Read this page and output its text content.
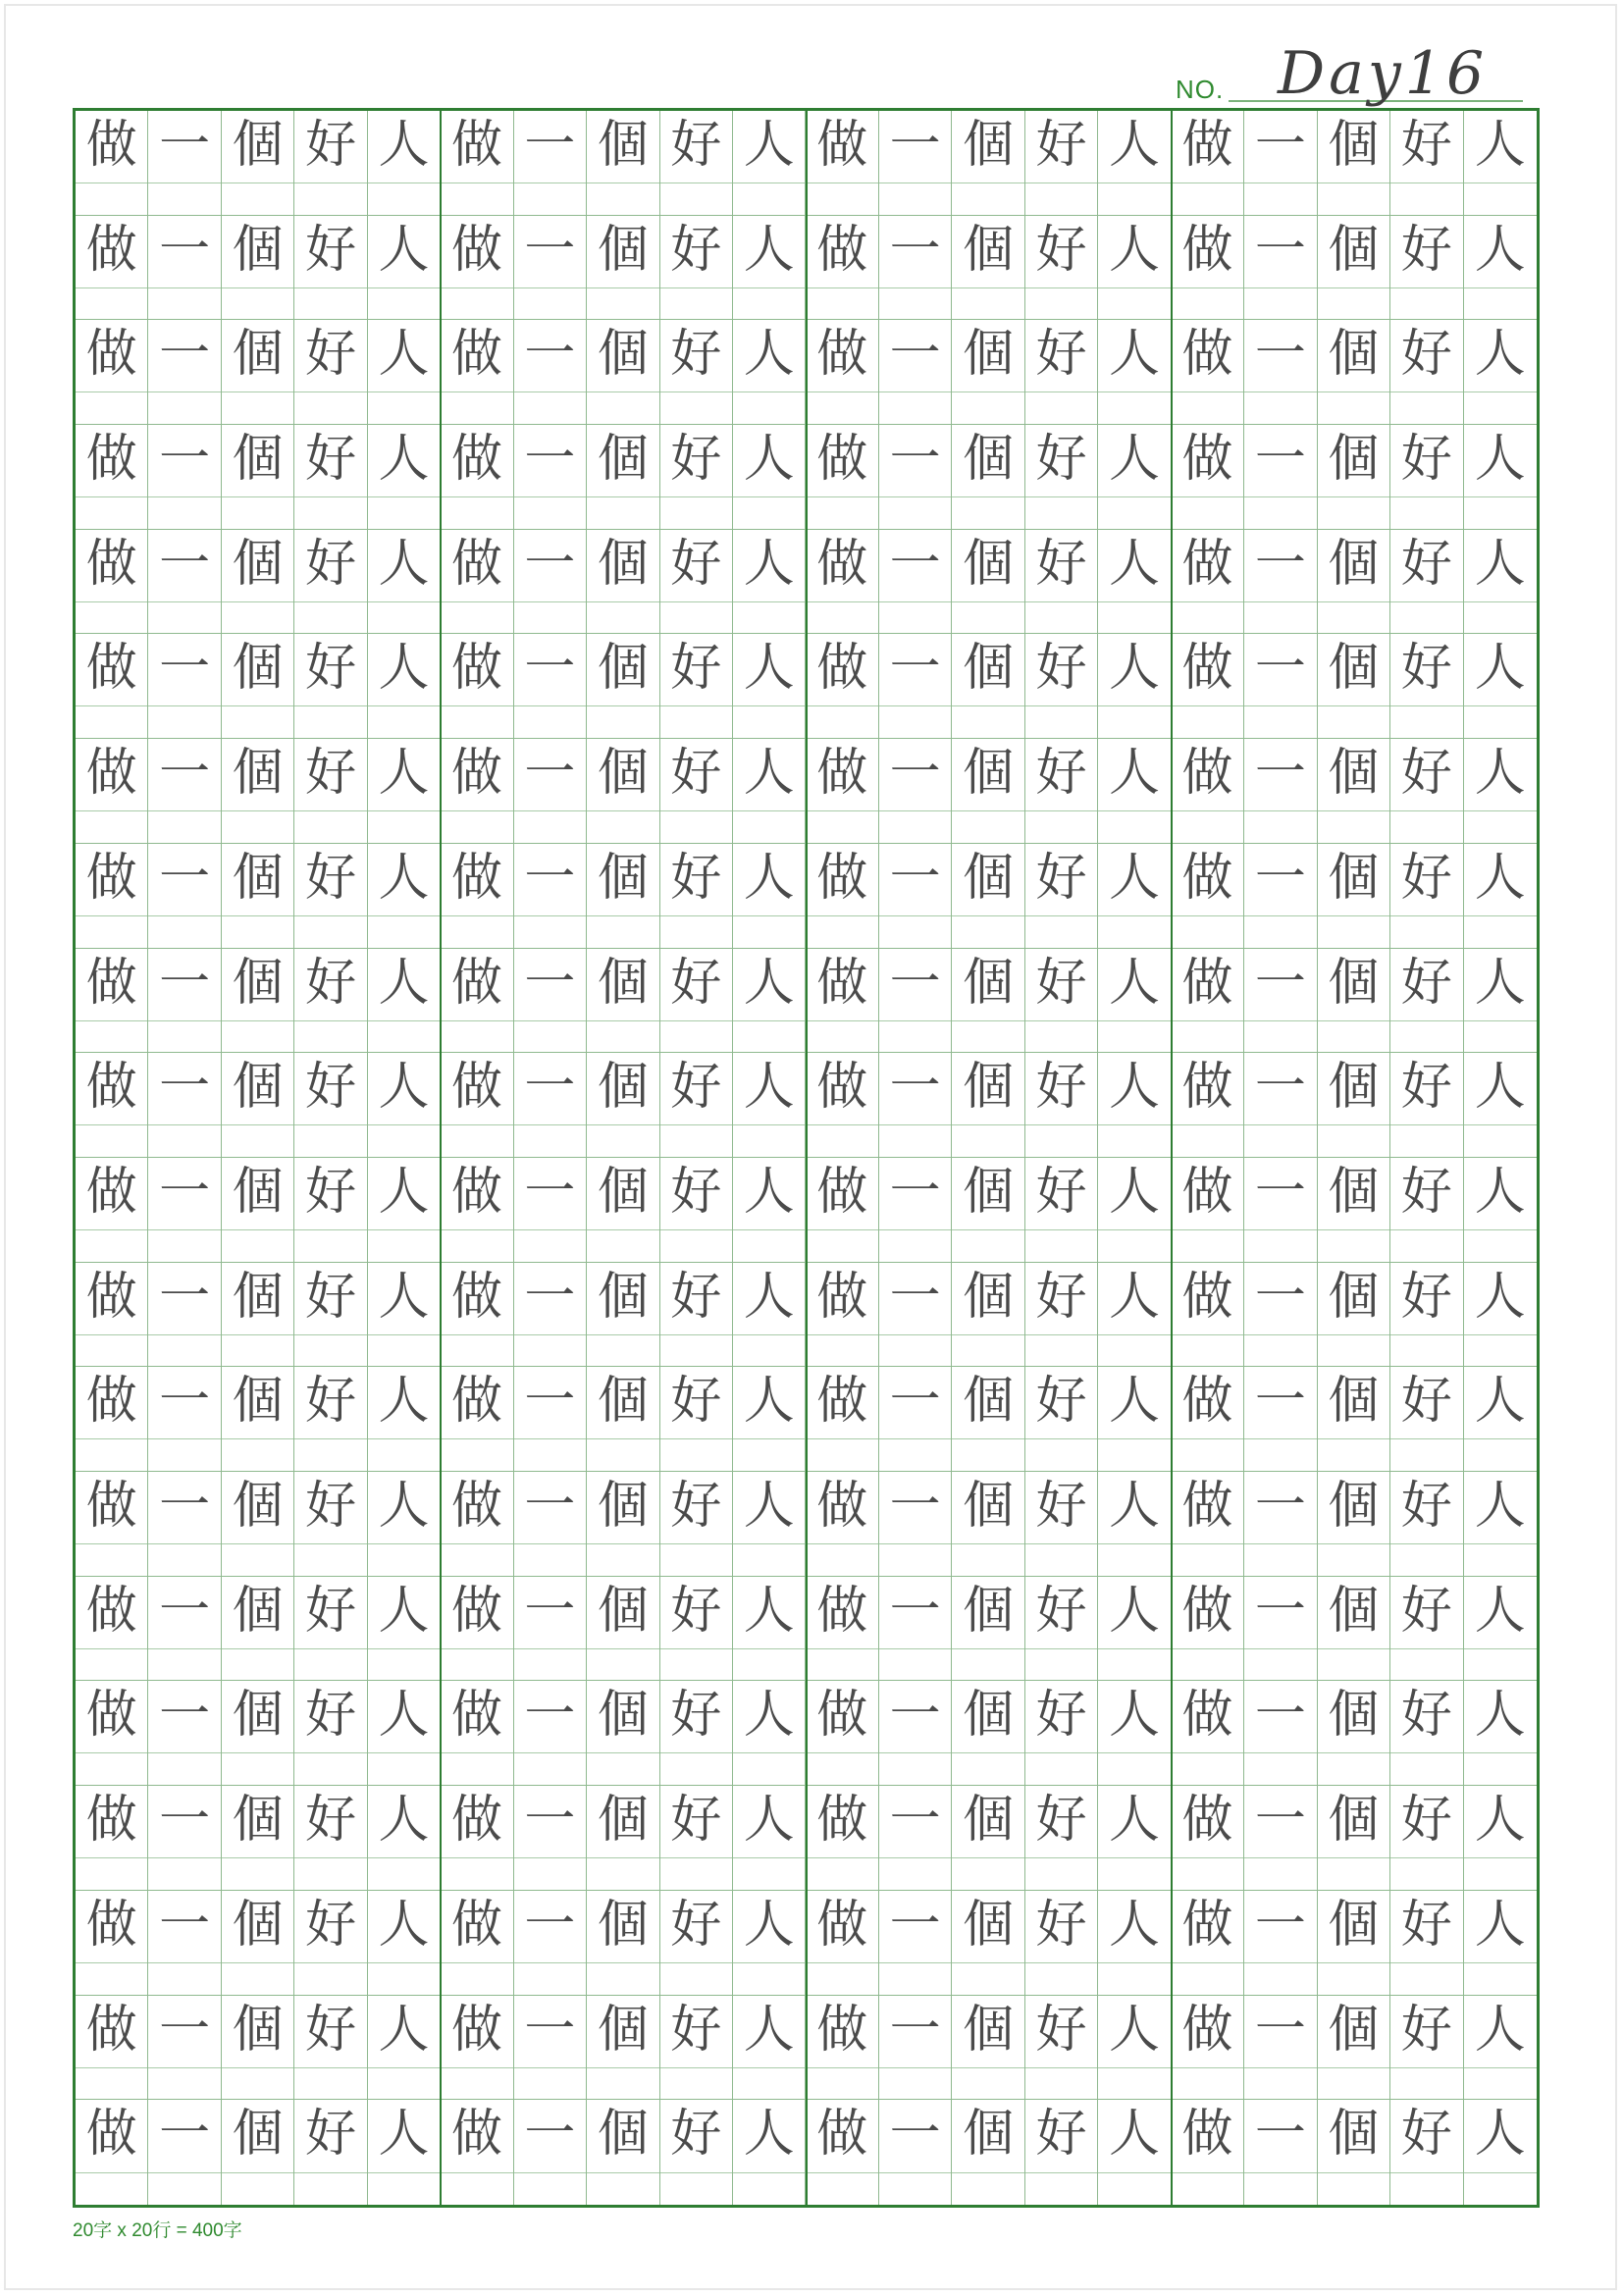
NO. Day16
做 一 個 好 人 做 一 個 好 人 做 一 個 好 人 做 一 個 好 人
做 一 個 好 人 做 一 個 好 人 做 一 個 好 人 做 一 個 好 人
做 一 個 好 人 做 一 個 好 人 做 一 個 好 人 做 一 個 好 人
做 一 個 好 人 做 一 個 好 人 做 一 個 好 人 做 一 個 好 人
做 一 個 好 人 做 一 個 好 人 做 一 個 好 人 做 一 個 好 人
做 一 個 好 人 做 一 個 好 人 做 一 個 好 人 做 一 個 好 人
做 一 個 好 人 做 一 個 好 人 做 一 個 好 人 做 一 個 好 人
做 一 個 好 人 做 一 個 好 人 做 一 個 好 人 做 一 個 好 人
做 一 個 好 人 做 一 個 好 人 做 一 個 好 人 做 一 個 好 人
做 一 個 好 人 做 一 個 好 人 做 一 個 好 人 做 一 個 好 人
做 一 個 好 人 做 一 個 好 人 做 一 個 好 人 做 一 個 好 人
做 一 個 好 人 做 一 個 好 人 做 一 個 好 人 做 一 個 好 人
做 一 個 好 人 做 一 個 好 人 做 一 個 好 人 做 一 個 好 人
做 一 個 好 人 做 一 個 好 人 做 一 個 好 人 做 一 個 好 人
做 一 個 好 人 做 一 個 好 人 做 一 個 好 人 做 一 個 好 人
做 一 個 好 人 做 一 個 好 人 做 一 個 好 人 做 一 個 好 人
做 一 個 好 人 做 一 個 好 人 做 一 個 好 人 做 一 個 好 人
做 一 個 好 人 做 一 個 好 人 做 一 個 好 人 做 一 個 好 人
做 一 個 好 人 做 一 個 好 人 做 一 個 好 人 做 一 個 好 人
做 一 個 好 人 做 一 個 好 人 做 一 個 好 人 做 一 個 好 人
20字 x 20行 = 400字
